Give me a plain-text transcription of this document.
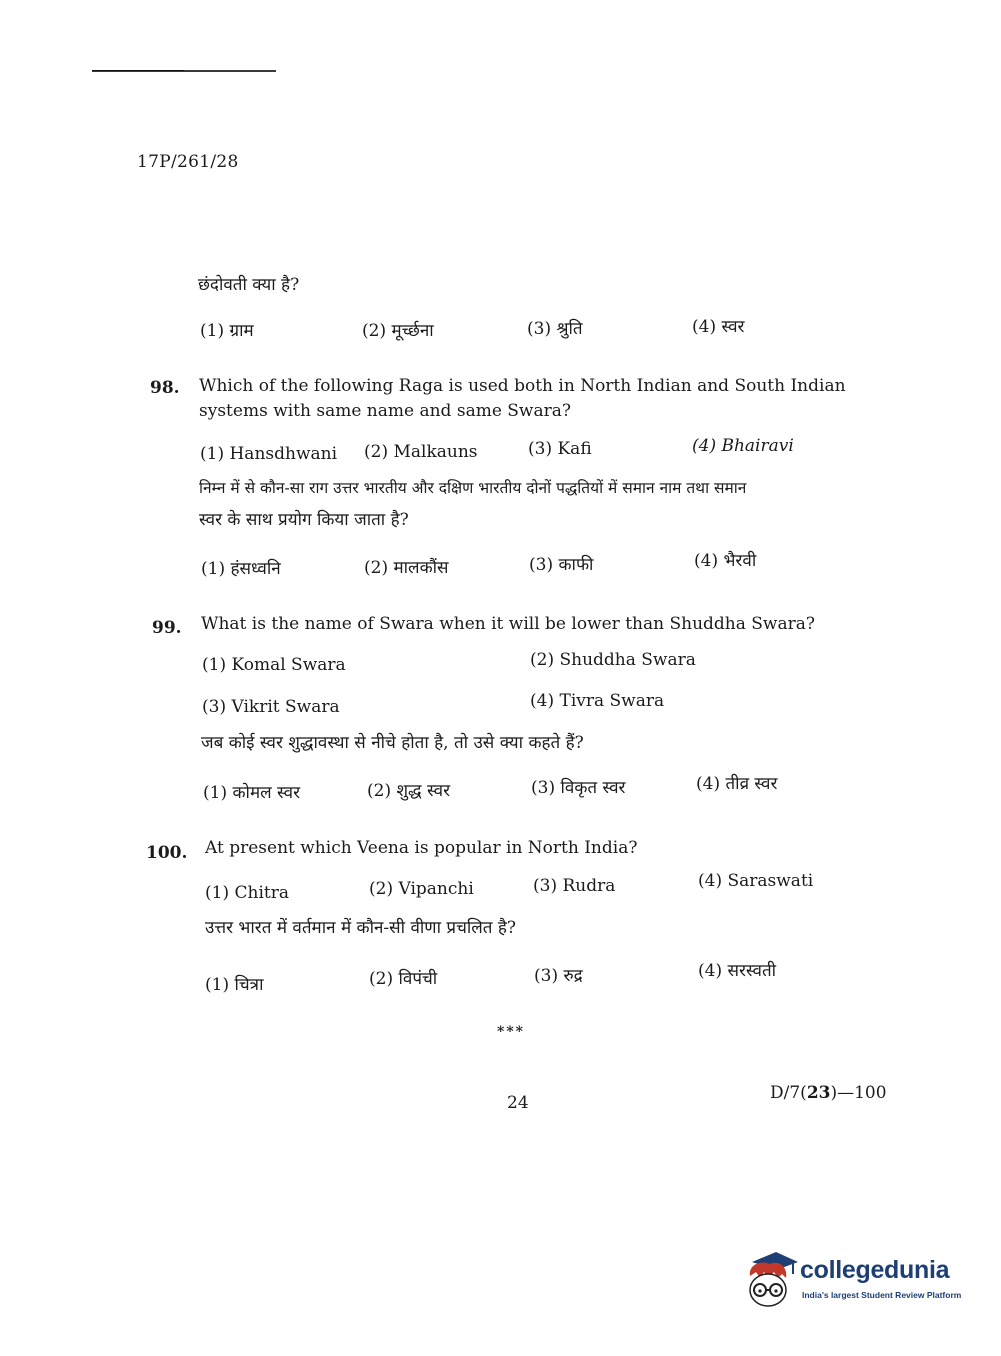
17P/261/28
छंदोवती क्या है?
(1) ग्राम	(2) मूर्च्छना	(3) श्रुति	(4) स्वर
98. Which of the following Raga is used both in North Indian and South Indian
systems with same name and same Swara?
(1) Hansdhwani (2) Malkauns	(3) Kafi	(4) Bhairavi
निम्न में से कौन-सा राग उत्तर भारतीय और दक्षिण भारतीय दोनों पद्धतियों में समान नाम तथा समान
स्वर के साथ प्रयोग किया जाता है?
(1) हंसध्वनि	(2) मालकौंस	(3) काफी	(4) भैरवी
99. What is the name of Swara when it will be lower than Shuddha Swara?
(1) Komal Swara	(2) Shuddha Swara
(3) Vikrit Swara	(4) Tivra Swara
जब कोई स्वर शुद्धावस्था से नीचे होता है, तो उसे क्या कहते हैं?
(1) कोमल स्वर	(2) शुद्ध स्वर	(3) विकृत स्वर	(4) तीव्र स्वर
100. At present which Veena is popular in North India?
(1) Chitra	(2) Vipanchi	(3) Rudra	(4) Saraswati
उत्तर भारत में वर्तमान में कौन-सी वीणा प्रचलित है?
(1) चित्रा	(2) विपंची	(3) रुद्र	(4) सरस्वती
***
24	D/7(23)—100
collegedunia
India's largest Student Review Platform
